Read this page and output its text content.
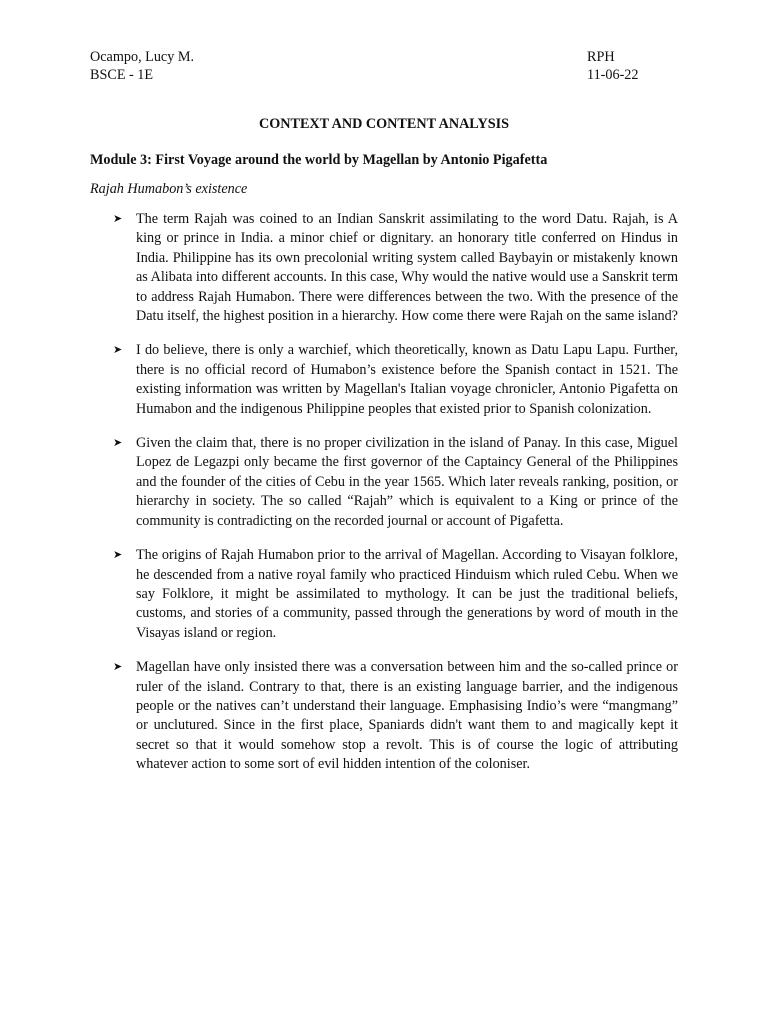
Ocampo, Lucy M.
BSCE - 1E
RPH
11-06-22
CONTEXT AND CONTENT ANALYSIS
Module 3: First Voyage around the world by Magellan by Antonio Pigafetta
Rajah Humabon’s existence
➤ The term Rajah was coined to an Indian Sanskrit assimilating to the word Datu. Rajah, is A king or prince in India. a minor chief or dignitary. an honorary title conferred on Hindus in India. Philippine has its own precolonial writing system called Baybayin or mistakenly known as Alibata into different accounts. In this case, Why would the native would use a Sanskrit term to address Rajah Humabon. There were differences between the two. With the presence of the Datu itself, the highest position in a hierarchy. How come there were Rajah on the same island?
➤ I do believe, there is only a warchief, which theoretically, known as Datu Lapu Lapu. Further, there is no official record of Humabon’s existence before the Spanish contact in 1521. The existing information was written by Magellan's Italian voyage chronicler, Antonio Pigafetta on Humabon and the indigenous Philippine peoples that existed prior to Spanish colonization.
➤ Given the claim that, there is no proper civilization in the island of Panay. In this case, Miguel Lopez de Legazpi only became the first governor of the Captaincy General of the Philippines and the founder of the cities of Cebu in the year 1565. Which later reveals ranking, position, or hierarchy in society. The so called “Rajah” which is equivalent to a King or prince of the community is contradicting on the recorded journal or account of Pigafetta.
➤ The origins of Rajah Humabon prior to the arrival of Magellan. According to Visayan folklore, he descended from a native royal family who practiced Hinduism which ruled Cebu. When we say Folklore, it might be assimilated to mythology. It can be just the traditional beliefs, customs, and stories of a community, passed through the generations by word of mouth in the Visayas island or region.
➤ Magellan have only insisted there was a conversation between him and the so-called prince or ruler of the island. Contrary to that, there is an existing language barrier, and the indigenous people or the natives can’t understand their language. Emphasising Indio’s were “mangmang” or unclutured. Since in the first place, Spaniards didn't want them to and magically kept it secret so that it would somehow stop a revolt. This is of course the logic of attributing whatever action to some sort of evil hidden intention of the coloniser.
